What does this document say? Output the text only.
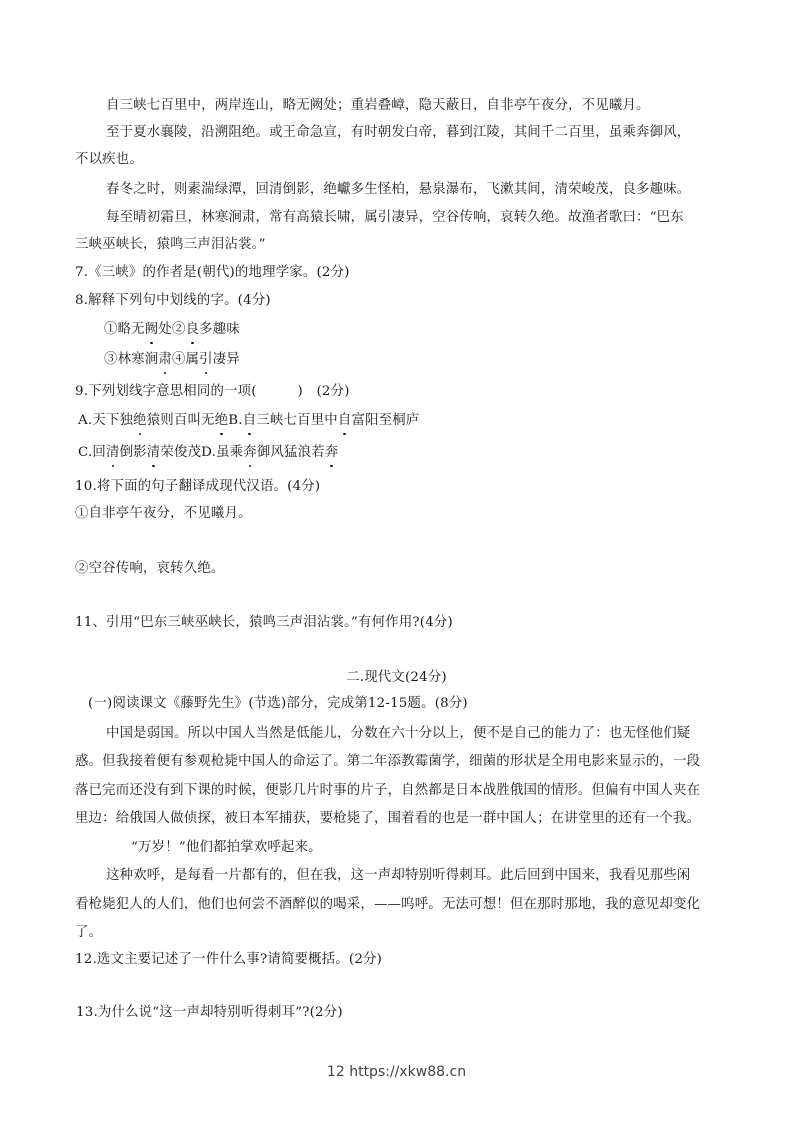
自三峡七百里中，两岸连山，略无阙处；重岩叠嶂，隐天蔽日，自非亭午夜分，不见曦月。
至于夏水襄陵，沿溯阻绝。或王命急宣，有时朝发白帝，暮到江陵，其间千二百里，虽乘奔御风，
不以疾也。
春冬之时，则素湍绿潭，回清倒影，绝巘多生怪柏，悬泉瀑布，飞漱其间，清荣峻茂，良多趣味。
每至晴初霜旦，林寒涧肃，常有高猿长啸，属引凄异，空谷传响，哀转久绝。故渔者歌曰：“巴东
三峡巫峡长，猿鸣三声泪沾裳。”
7.《三峡》的作者是(朝代)的地理学家。(2分)
8.解释下列句中划线的字。(4分)
①略无阙处②良多趣味
③林寒涧肃④属引凄异
9.下列划线字意思相同的一项(　　　)　(2分)
A.天下独绝猿则百叫无绝B.自三峡七百里中自富阳至桐庐
C.回清倒影清荣俊茂D.虽乘奔御风猛浪若奔
10.将下面的句子翻译成现代汉语。(4分)
①自非亭午夜分，不见曦月。
②空谷传响，哀转久绝。
11、引用“巴东三峡巫峡长，猿鸣三声泪沾裳。”有何作用?(4分)
二.现代文(24分)
(一)阅读课文《藤野先生》(节选)部分，完成第12-15题。(8分)
中国是弱国。所以中国人当然是低能儿，分数在六十分以上，便不是自己的能力了：也无怪他们疑
惑。但我接着便有参观枪毙中国人的命运了。第二年添教霉菌学，细菌的形状是全用电影来显示的，一段
落已完而还没有到下课的时候，便影几片时事的片子，自然都是日本战胜俄国的情形。但偏有中国人夹在
里边：给俄国人做侦探，被日本军捕获，要枪毙了，围着看的也是一群中国人；在讲堂里的还有一个我。
“万岁！”他们都拍掌欢呼起来。
这种欢呼，是每看一片都有的，但在我，这一声却特别听得刺耳。此后回到中国来，我看见那些闲
看枪毙犯人的人们，他们也何尝不酒醉似的喝采，——呜呼。无法可想！但在那时那地，我的意见却变化
了。
12.选文主要记述了一件什么事?请简要概括。(2分)
13.为什么说“这一声却特别听得刺耳”?(2分)
12 https://xkw88.cn
